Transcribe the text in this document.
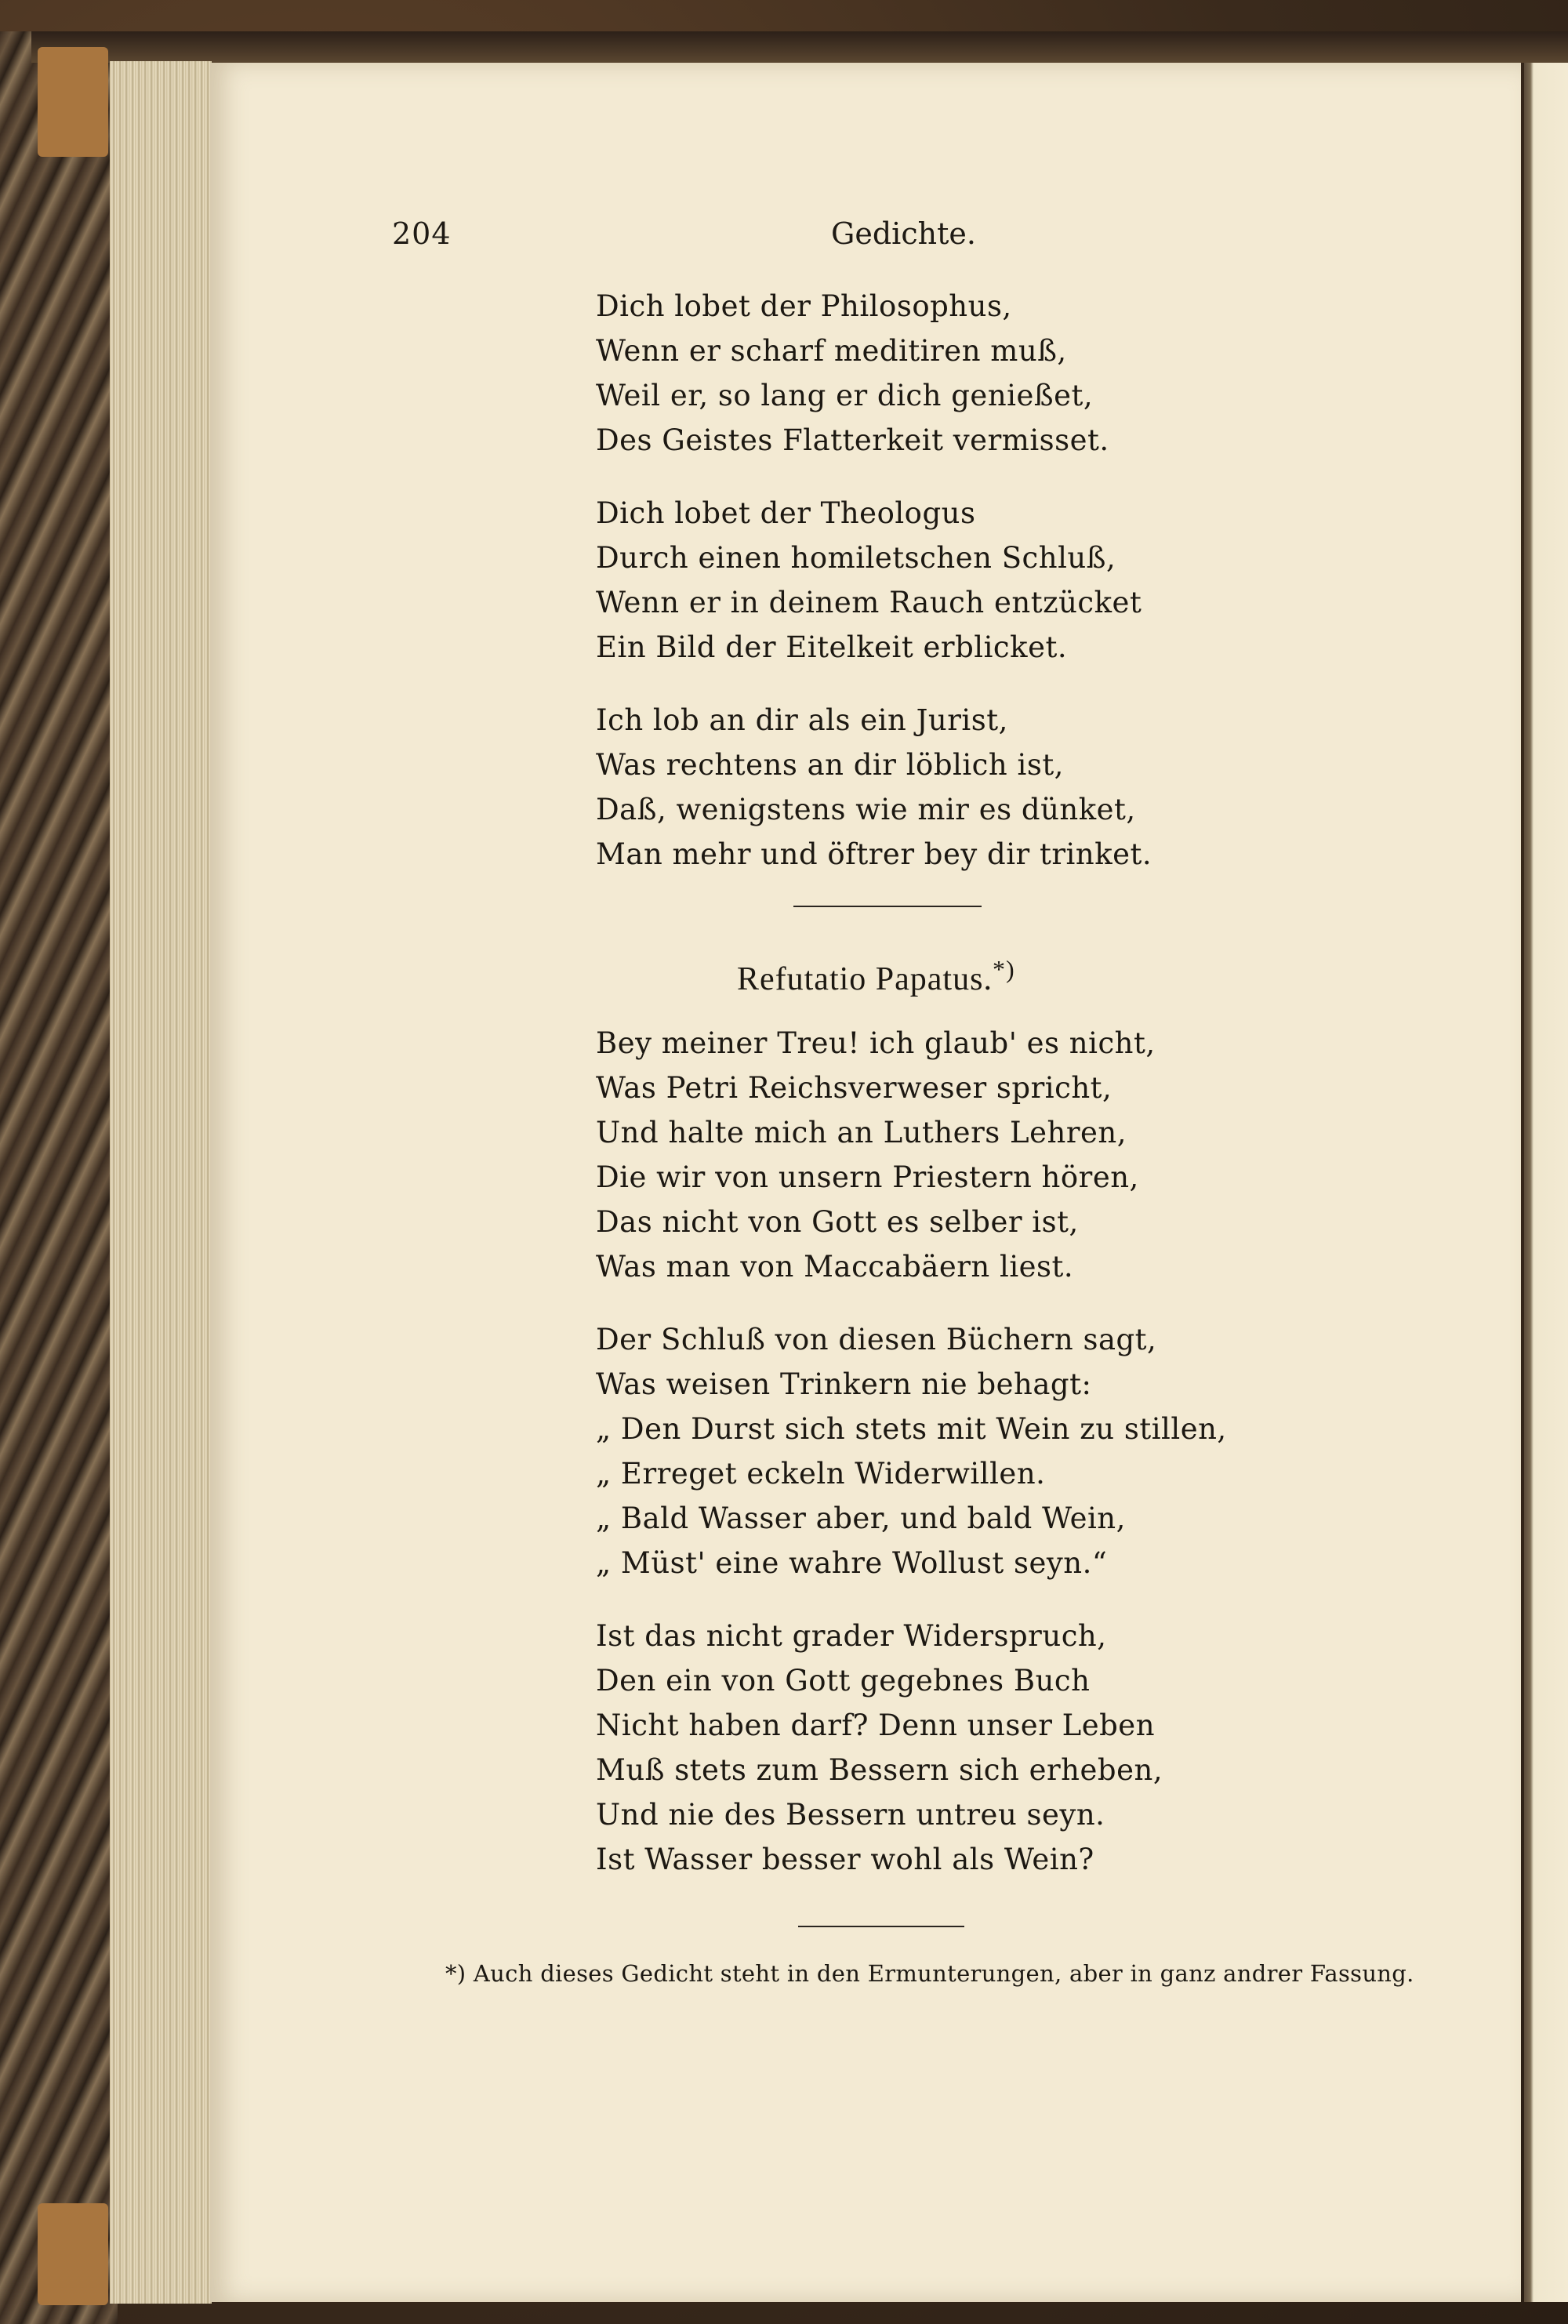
204	Gedichte.
Dich lobet der Philosophus,
Wenn er scharf meditiren muß,
Weil er, so lang er dich genießet,
Des Geistes Flatterkeit vermisset.
Dich lobet der Theologus
Durch einen homiletschen Schluß,
Wenn er in deinem Rauch entzücket
Ein Bild der Eitelkeit erblicket.
Ich lob an dir als ein Jurist,
Was rechtens an dir löblich ist,
Daß, wenigstens wie mir es dünket,
Man mehr und öftrer bey dir trinket.
Refutatio Papatus.*)
Bey meiner Treu! ich glaub' es nicht,
Was Petri Reichsverweser spricht,
Und halte mich an Luthers Lehren,
Die wir von unsern Priestern hören,
Das nicht von Gott es selber ist,
Was man von Maccabäern liest.
Der Schluß von diesen Büchern sagt,
Was weisen Trinkern nie behagt:
„ Den Durst sich stets mit Wein zu stillen,
„ Erreget eckeln Widerwillen.
„ Bald Wasser aber, und bald Wein,
„ Müst' eine wahre Wollust seyn.“
Ist das nicht grader Widerspruch,
Den ein von Gott gegebnes Buch
Nicht haben darf? Denn unser Leben
Muß stets zum Bessern sich erheben,
Und nie des Bessern untreu seyn.
Ist Wasser besser wohl als Wein?
*) Auch dieses Gedicht steht in den Ermunterungen, aber in ganz andrer Fassung.
